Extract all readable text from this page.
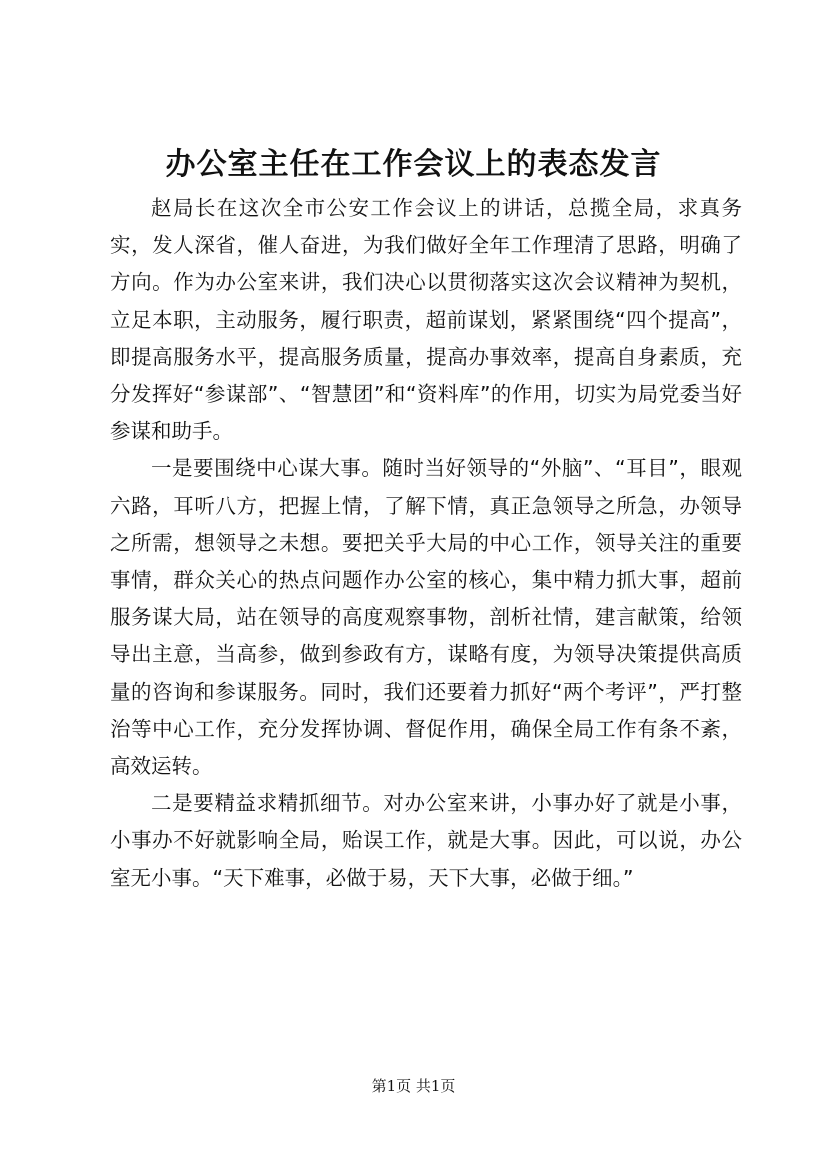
办公室主任在工作会议上的表态发言

赵局长在这次全市公安工作会议上的讲话，总揽全局，求真务实，发人深省，催人奋进，为我们做好全年工作理清了思路，明确了方向。作为办公室来讲，我们决心以贯彻落实这次会议精神为契机，立足本职，主动服务，履行职责，超前谋划，紧紧围绕“四个提高”，即提高服务水平，提高服务质量，提高办事效率，提高自身素质，充分发挥好“参谋部”、“智慧团”和“资料库”的作用，切实为局党委当好参谋和助手。

一是要围绕中心谋大事。随时当好领导的“外脑”、“耳目”，眼观六路，耳听八方，把握上情，了解下情，真正急领导之所急，办领导之所需，想领导之未想。要把关乎大局的中心工作，领导关注的重要事情，群众关心的热点问题作办公室的核心，集中精力抓大事，超前服务谋大局，站在领导的高度观察事物，剖析社情，建言献策，给领导出主意，当高参，做到参政有方，谋略有度，为领导决策提供高质量的咨询和参谋服务。同时，我们还要着力抓好“两个考评”，严打整治等中心工作，充分发挥协调、督促作用，确保全局工作有条不紊，高效运转。

二是要精益求精抓细节。对办公室来讲，小事办好了就是小事，小事办不好就影响全局，贻误工作，就是大事。因此，可以说，办公室无小事。“天下难事，必做于易，天下大事，必做于细。”

第1页 共1页
